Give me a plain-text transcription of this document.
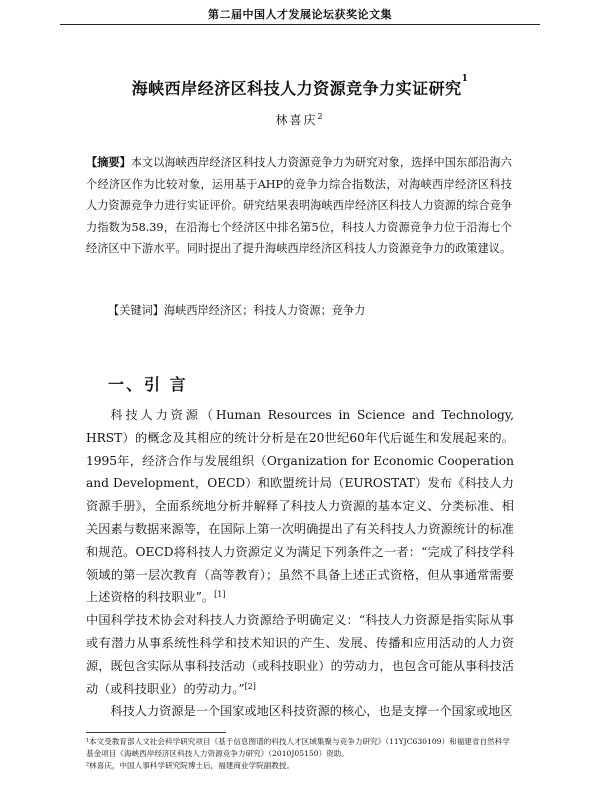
第二届中国人才发展论坛获奖论文集
海峡西岸经济区科技人力资源竞争力实证研究$^1$
林喜庆$^2$
【摘要】本文以海峡西岸经济区科技人力资源竞争力为研究对象，选择中国东部沿海六个经济区作为比较对象，运用基于AHP的竞争力综合指数法，对海峡西岸经济区科技人力资源竞争力进行实证评价。研究结果表明海峡西岸经济区科技人力资源的综合竞争力指数为58.39，在沿海七个经济区中排名第5位，科技人力资源竞争力位于沿海七个经济区中下游水平。同时提出了提升海峡西岸经济区科技人力资源竞争力的政策建议。
【关键词】海峡西岸经济区；科技人力资源；竞争力
一、引 言

科技人力资源（Human Resources in Science and Technology, HRST）的概念及其相应的统计分析是在20世纪60年代后诞生和发展起来的。1995年，经济合作与发展组织（Organization for Economic Cooperation and Development，OECD）和欧盟统计局（EUROSTAT）发布《科技人力资源手册》，全面系统地分析并解释了科技人力资源的基本定义、分类标准、相关因素与数据来源等，在国际上第一次明确提出了有关科技人力资源统计的标准和规范。OECD将科技人力资源定义为满足下列条件之一者：“完成了科技学科领域的第一层次教育（高等教育）；虽然不具备上述正式资格，但从事通常需要上述资格的科技职业”。[1]

中国科学技术协会对科技人力资源给予明确定义：“科技人力资源是指实际从事或有潜力从事系统性科学和技术知识的产生、发展、传播和应用活动的人力资源，既包含实际从事科技活动（或科技职业）的劳动力，也包含可能从事科技活动（或科技职业）的劳动力。”[2]

科技人力资源是一个国家或地区科技资源的核心，也是支撑一个国家或地区

¹本文受教育部人文社会科学研究项目《基于信息图谱的科技人才区域集聚与竞争力研究》（11YJC630109）和福建省自然科学基金项目《海峡西岸经济区科技人力资源竞争力研究》（2010J05150）资助。

²林喜庆，中国人事科学研究院博士后，福建商业学院副教授。
